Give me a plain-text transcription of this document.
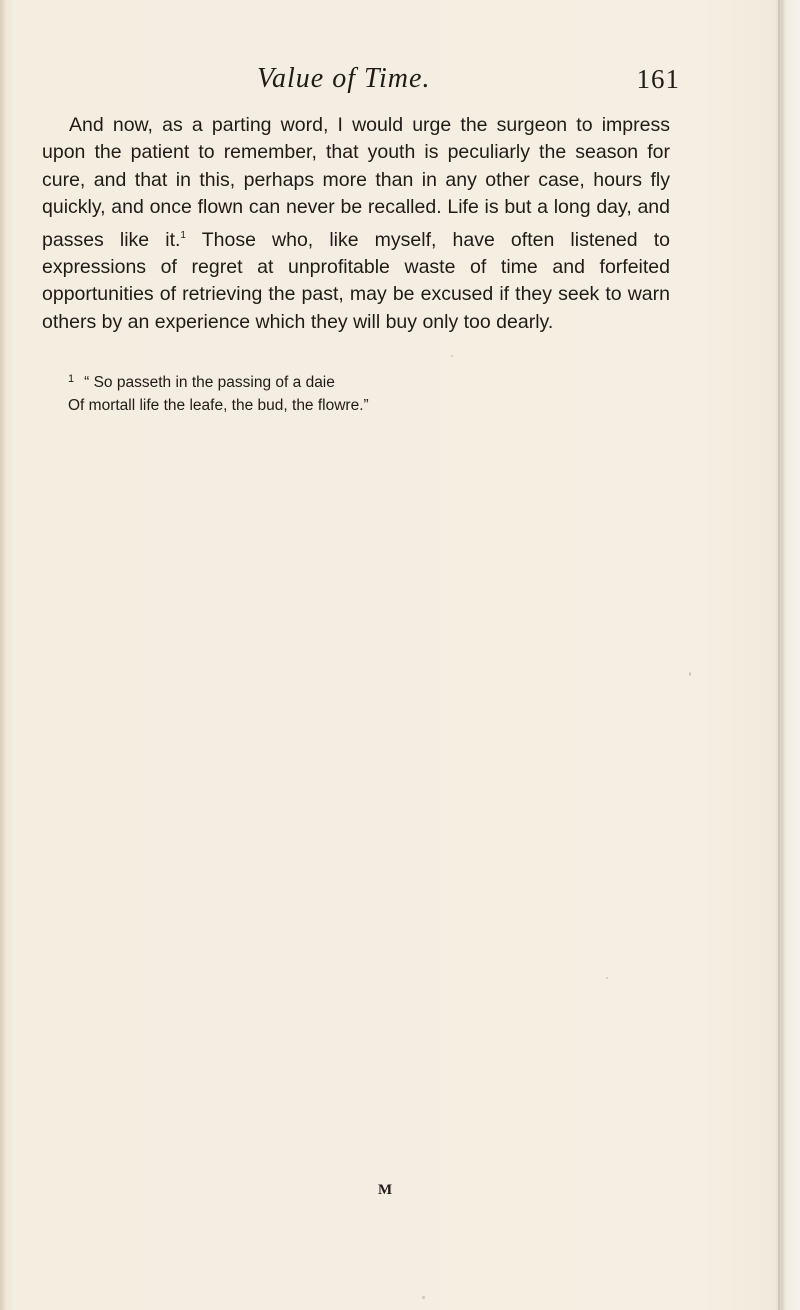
Value of Time.	161

And now, as a parting word, I would urge the surgeon to impress upon the patient to remember, that youth is peculiarly the season for cure, and that in this, perhaps more than in any other case, hours fly quickly, and once flown can never be recalled. Life is but a long day, and passes like it.$^1$ Those who, like myself, have often listened to expressions of regret at unprofitable waste of time and forfeited opportunities of retrieving the past, may be excused if they seek to warn others by an experience which they will buy only too dearly.

$^1$ “ So passeth in the passing of a daie
Of mortall life the leafe, the bud, the flowre.”
M
